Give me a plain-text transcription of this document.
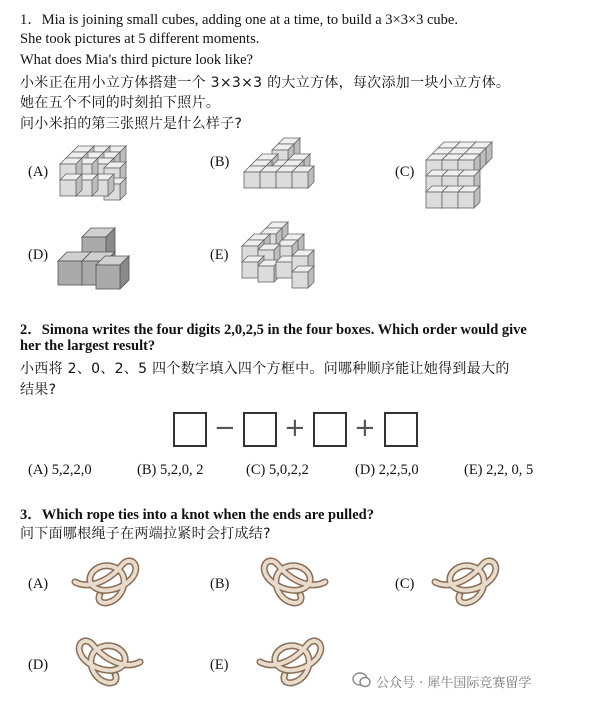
1．Mia is joining small cubes, adding one at a time, to build a 3×3×3 cube.
She took pictures at 5 different moments.
What does Mia's third picture look like?
小米正在用小立方体搭建一个 3×3×3 的大立方体，每次添加一块小立方体。
她在五个不同的时刻拍下照片。
问小米拍的第三张照片是什么样子?
(A)
(B)
(C)
(D)	(E)
2．Simona writes the four digits 2,0,2,5 in the four boxes. Which order would give
her the largest result?
小西将 2、0、2、5 四个数字填入四个方框中。问哪种顺序能让她得到最大的
结果?
− + +
(A) 5,2,2,0	(B) 5,2,0, 2	(C) 5,0,2,2	(D) 2,2,5,0	(E) 2,2, 0, 5
3．Which rope ties into a knot when the ends are pulled?
问下面哪根绳子在两端拉紧时会打成结?
(A)	(B)	(C)
(D)	(E)
公众号 · 犀牛国际竞赛留学
